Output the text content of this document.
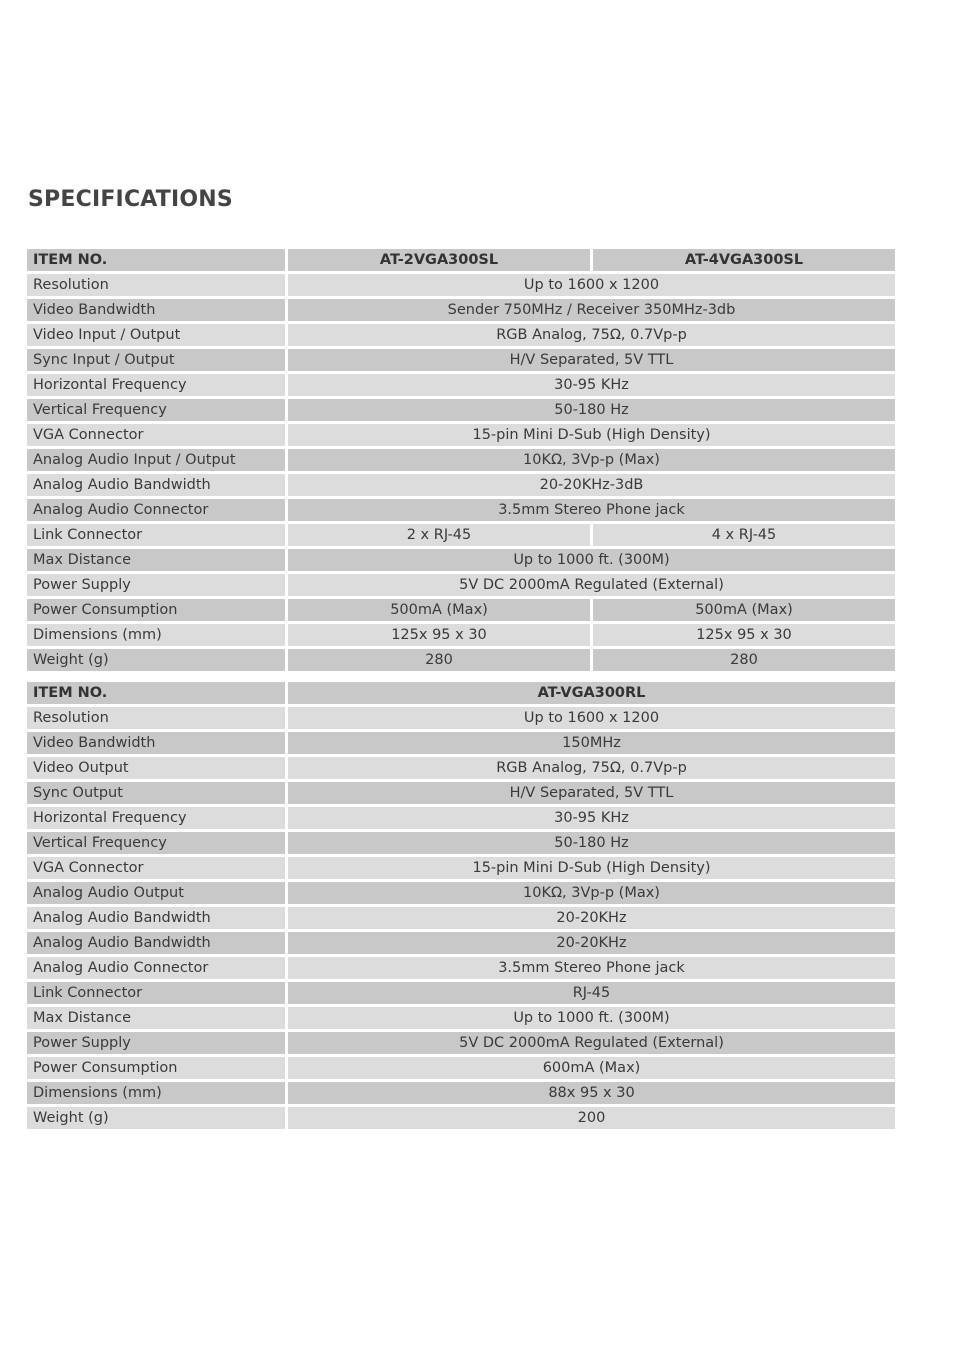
SPECIFICATIONS
ITEM NO.	AT-2VGA300SL	AT-4VGA300SL
Resolution	Up to 1600 x 1200	
Video Bandwidth	Sender 750MHz / Receiver 350MHz-3db	
Video Input / Output	RGB Analog, 75Ω, 0.7Vp-p	
Sync Input / Output	H/V Separated, 5V TTL	
Horizontal Frequency	30-95 KHz	
Vertical Frequency	50-180 Hz	
VGA Connector	15-pin Mini D-Sub (High Density)	
Analog Audio Input / Output	10KΩ, 3Vp-p (Max)	
Analog Audio Bandwidth	20-20KHz-3dB	
Analog Audio Connector	3.5mm Stereo Phone jack	
Link Connector	2 x RJ-45	4 x RJ-45
Max Distance	Up to 1000 ft. (300M)	
Power Supply	5V DC 2000mA Regulated (External)	
Power Consumption	500mA (Max)	500mA (Max)
Dimensions (mm)	125x 95 x 30	125x 95 x 30
Weight (g)	280	280
ITEM NO.	AT-VGA300RL
Resolution	Up to 1600 x 1200
Video Bandwidth	150MHz
Video Output	RGB Analog, 75Ω, 0.7Vp-p
Sync Output	H/V Separated, 5V TTL
Horizontal Frequency	30-95 KHz
Vertical Frequency	50-180 Hz
VGA Connector	15-pin Mini D-Sub (High Density)
Analog Audio Output	10KΩ, 3Vp-p (Max)
Analog Audio Bandwidth	20-20KHz
Analog Audio Bandwidth	20-20KHz
Analog Audio Connector	3.5mm Stereo Phone jack
Link Connector	RJ-45
Max Distance	Up to 1000 ft. (300M)
Power Supply	5V DC 2000mA Regulated (External)
Power Consumption	600mA (Max)
Dimensions (mm)	88x 95 x 30
Weight (g)	200
